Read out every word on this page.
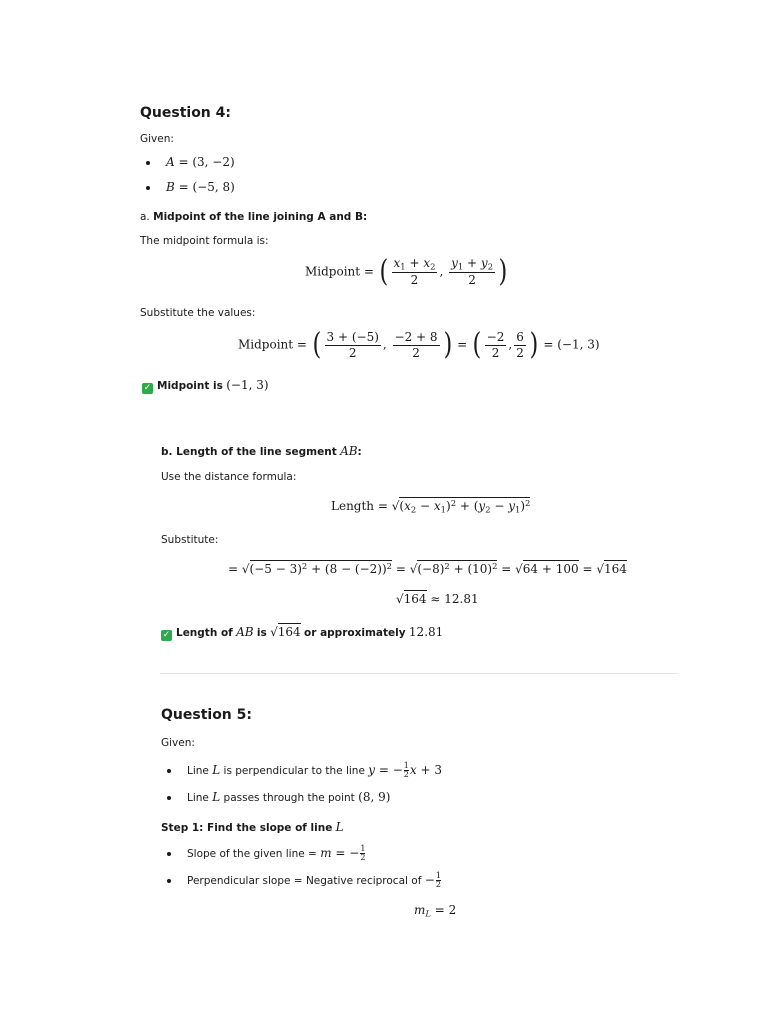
Question 4:
Given:
A = (3, −2)
B = (−5, 8)
a. Midpoint of the line joining A and B:
The midpoint formula is:
Midpoint = ( $\frac{x_1 + x_2}{2}$ , $\frac{y_1 + y_2}{2}$ )
Substitute the values:
Midpoint = ( $\frac{3 + (-5)}{2}$ , $\frac{-2 + 8}{2}$ ) = ( $\frac{-2}{2}$ , $\frac{6}{2}$ ) = (−1, 3)
✓ Midpoint is (−1, 3)
b. Length of the line segment AB:
Use the distance formula:
Length = $√(x_2 - x_1)^2 + (y_2 - y_1)^2$
Substitute:
= $√(-5 - 3)^2 + (8 - (-2))^2 = √(-8)^2 + (10)^2 = √64 + 100 = √164$
√164 ≈ 12.81
✓ Length of AB is √164 or approximately 12.81
Question 5:
Given:
Line L is perpendicular to the line y = − $\frac{1}{2}$ x + 3
Line L passes through the point (8, 9)
Step 1: Find the slope of line L
Slope of the given line = m = − $\frac{1}{2}$
Perpendicular slope = Negative reciprocal of − $\frac{1}{2}$
$m_L = 2$
